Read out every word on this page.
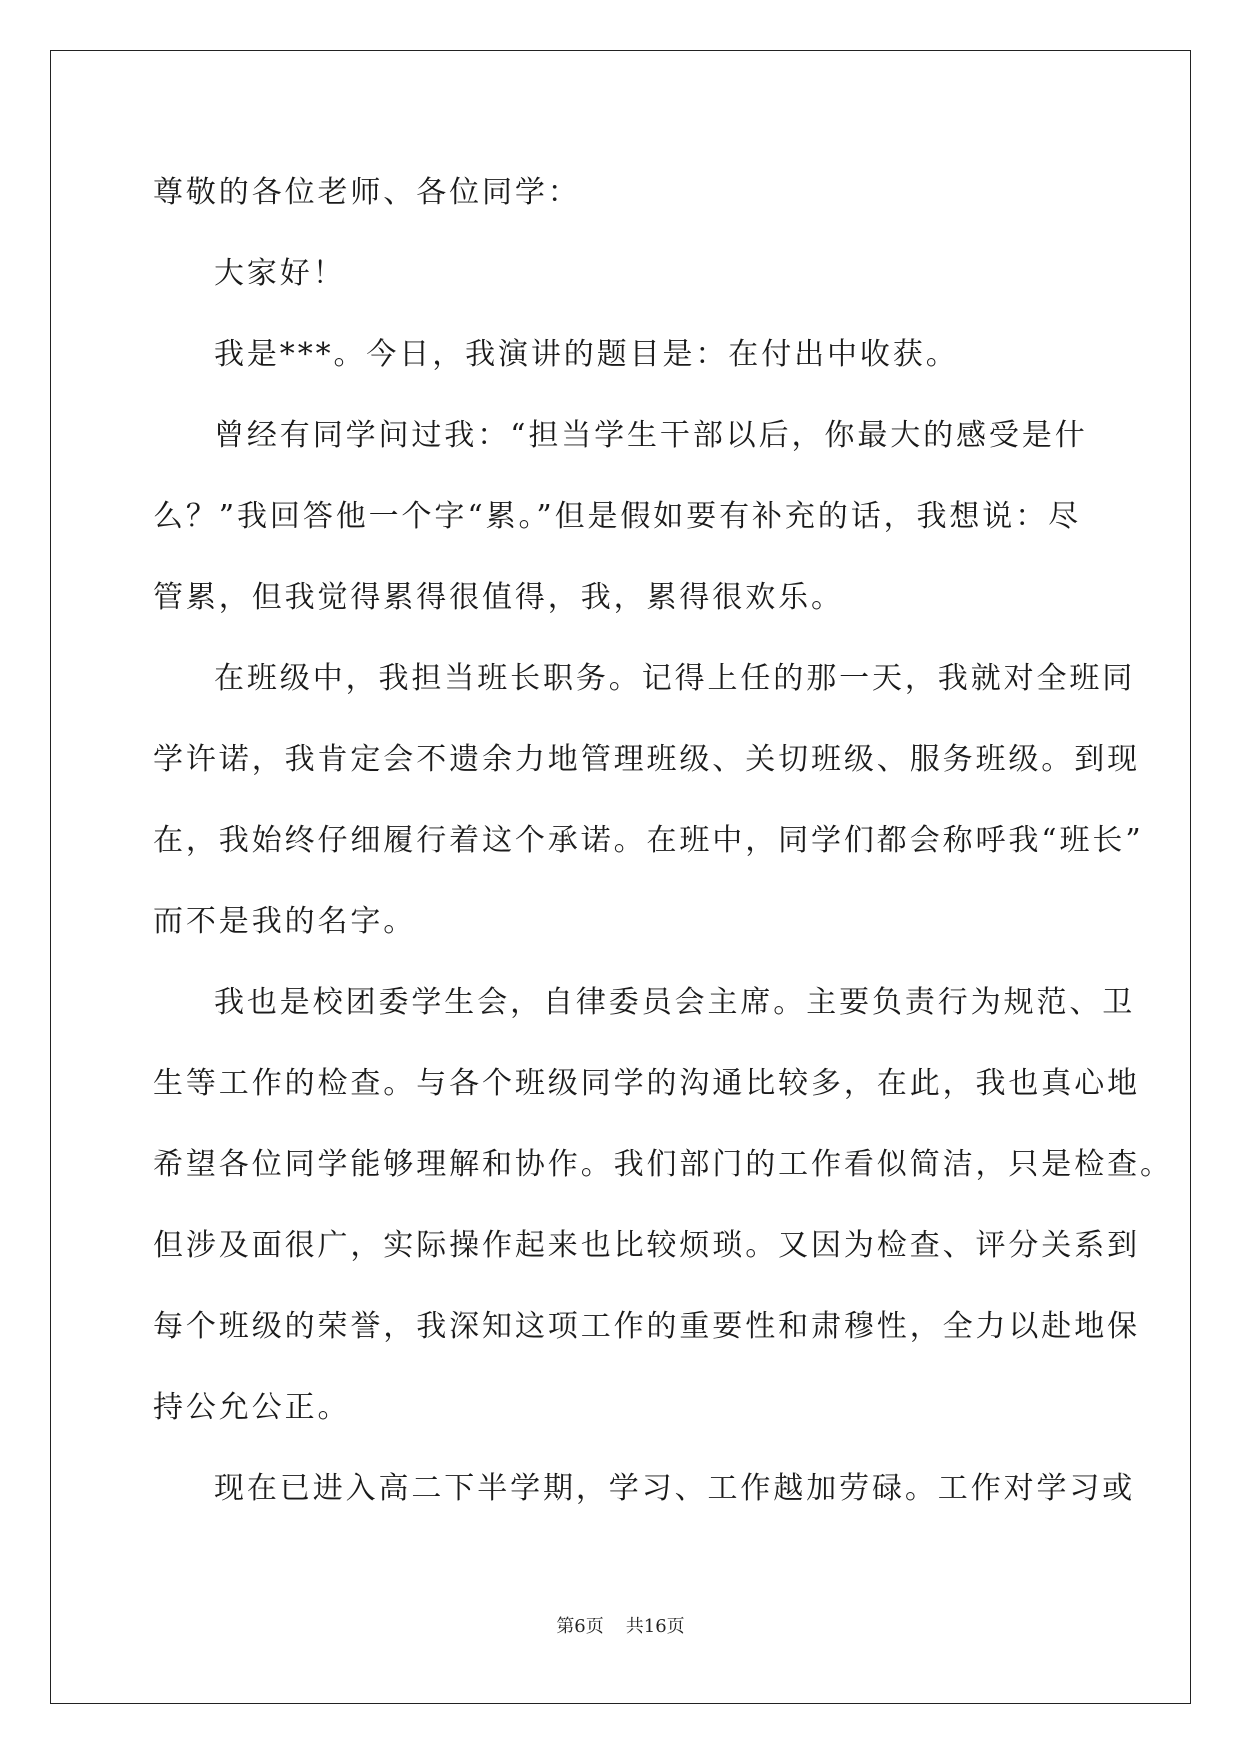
尊敬的各位老师、各位同学：
大家好！
我是***。今日，我演讲的题目是：在付出中收获。
曾经有同学问过我：“担当学生干部以后，你最大的感受是什
么？”我回答他一个字“累。”但是假如要有补充的话，我想说：尽
管累，但我觉得累得很值得，我，累得很欢乐。
在班级中，我担当班长职务。记得上任的那一天，我就对全班同
学许诺，我肯定会不遗余力地管理班级、关切班级、服务班级。到现
在，我始终仔细履行着这个承诺。在班中，同学们都会称呼我“班长”
而不是我的名字。
我也是校团委学生会，自律委员会主席。主要负责行为规范、卫
生等工作的检查。与各个班级同学的沟通比较多，在此，我也真心地
希望各位同学能够理解和协作。我们部门的工作看似简洁，只是检查。
但涉及面很广，实际操作起来也比较烦琐。又因为检查、评分关系到
每个班级的荣誉，我深知这项工作的重要性和肃穆性，全力以赴地保
持公允公正。
现在已进入高二下半学期，学习、工作越加劳碌。工作对学习或
第6页 共16页
